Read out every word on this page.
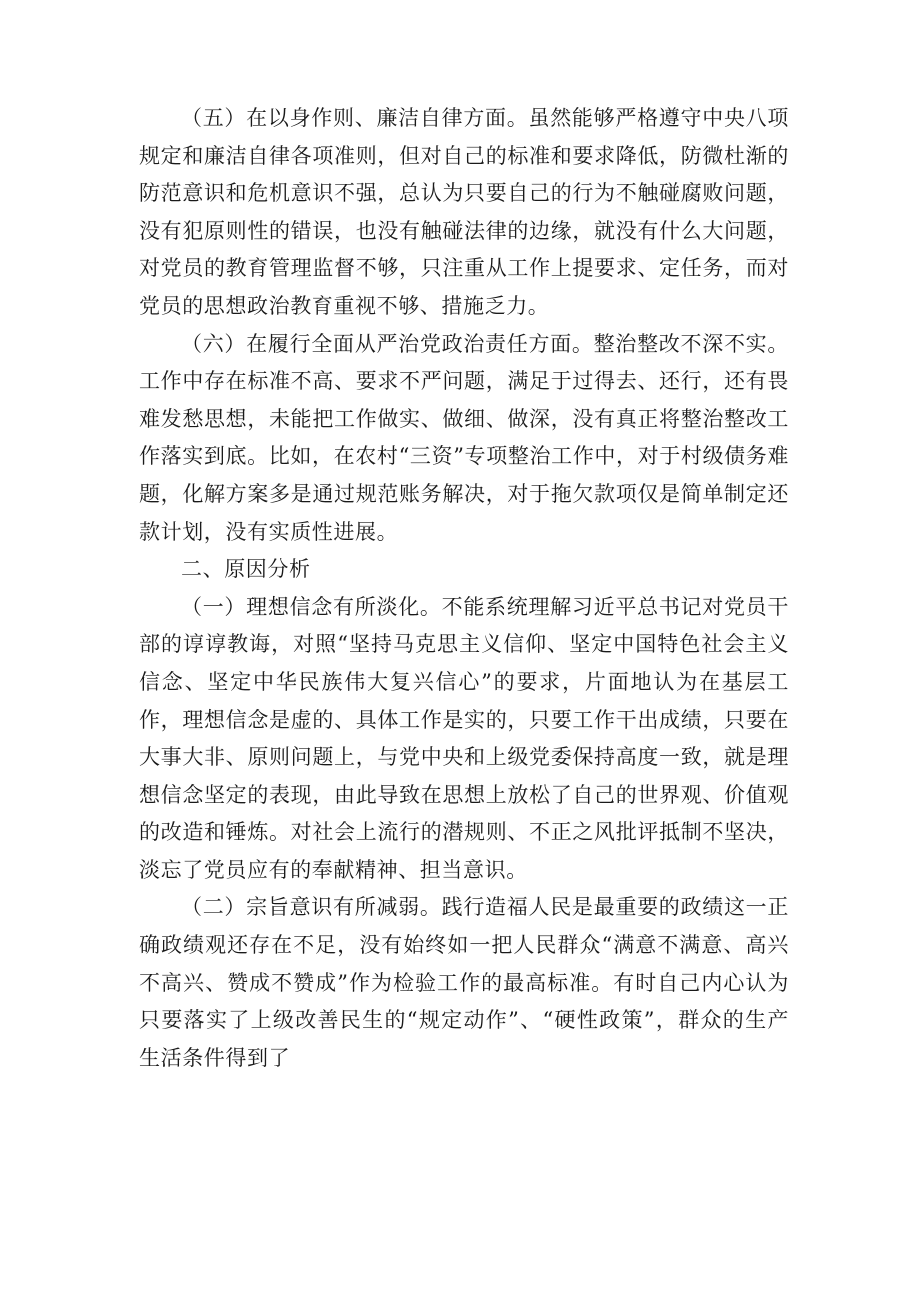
（五）在以身作则、廉洁自律方面。虽然能够严格遵守中央八项规定和廉洁自律各项准则，但对自己的标准和要求降低，防微杜渐的防范意识和危机意识不强，总认为只要自己的行为不触碰腐败问题，没有犯原则性的错误，也没有触碰法律的边缘，就没有什么大问题，对党员的教育管理监督不够，只注重从工作上提要求、定任务，而对党员的思想政治教育重视不够、措施乏力。

（六）在履行全面从严治党政治责任方面。整治整改不深不实。工作中存在标准不高、要求不严问题，满足于过得去、还行，还有畏难发愁思想，未能把工作做实、做细、做深，没有真正将整治整改工作落实到底。比如，在农村“三资”专项整治工作中，对于村级债务难题，化解方案多是通过规范账务解决，对于拖欠款项仅是简单制定还款计划，没有实质性进展。

二、原因分析

（一）理想信念有所淡化。不能系统理解习近平总书记对党员干部的谆谆教诲，对照“坚持马克思主义信仰、坚定中国特色社会主义信念、坚定中华民族伟大复兴信心”的要求，片面地认为在基层工作，理想信念是虚的、具体工作是实的，只要工作干出成绩，只要在大事大非、原则问题上，与党中央和上级党委保持高度一致，就是理想信念坚定的表现，由此导致在思想上放松了自己的世界观、价值观的改造和锤炼。对社会上流行的潜规则、不正之风批评抵制不坚决，淡忘了党员应有的奉献精神、担当意识。

（二）宗旨意识有所减弱。践行造福人民是最重要的政绩这一正确政绩观还存在不足，没有始终如一把人民群众“满意不满意、高兴不高兴、赞成不赞成”作为检验工作的最高标准。有时自己内心认为只要落实了上级改善民生的“规定动作”、“硬性政策”，群众的生产生活条件得到了
